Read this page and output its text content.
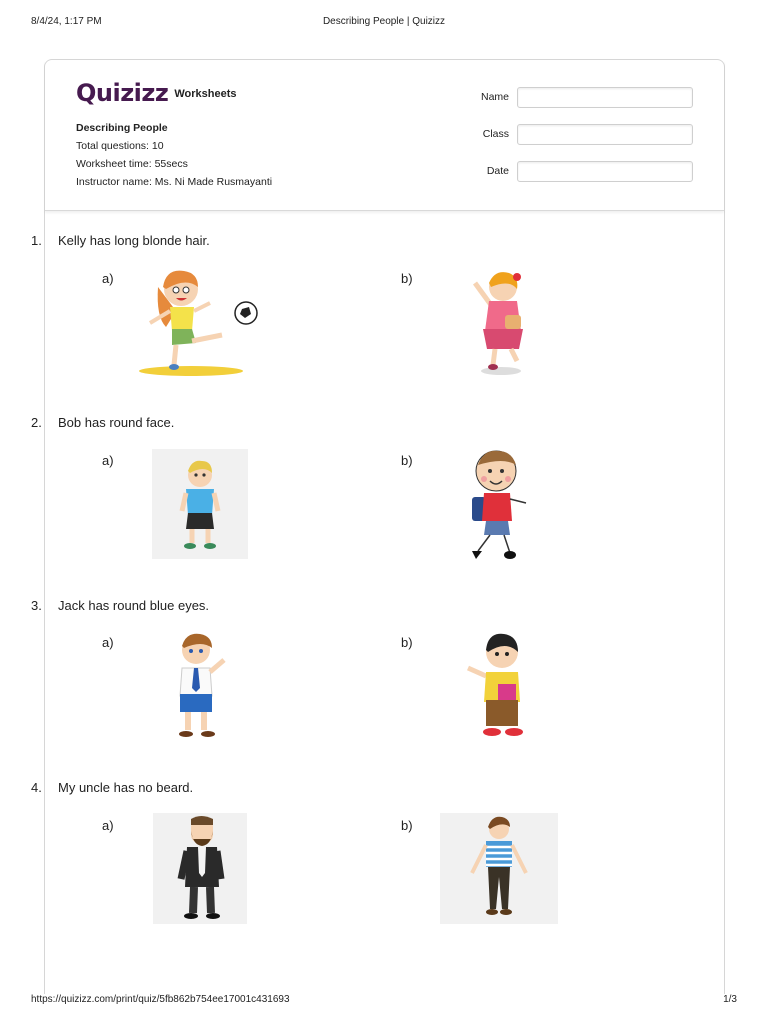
8/4/24, 1:17 PM	Describing People | Quizizz
Quizizz Worksheets
Describing People
Total questions: 10
Worksheet time: 55secs
Instructor name: Ms. Ni Made Rusmayanti
Name
Class
Date
1. Kelly has long blonde hair.
a)	b)
2. Bob has round face.
a)	b)
3. Jack has round blue eyes.
a)	b)
4. My uncle has no beard.
a)	b)
https://quizizz.com/print/quiz/5fb862b754ee17001c431693	1/3
